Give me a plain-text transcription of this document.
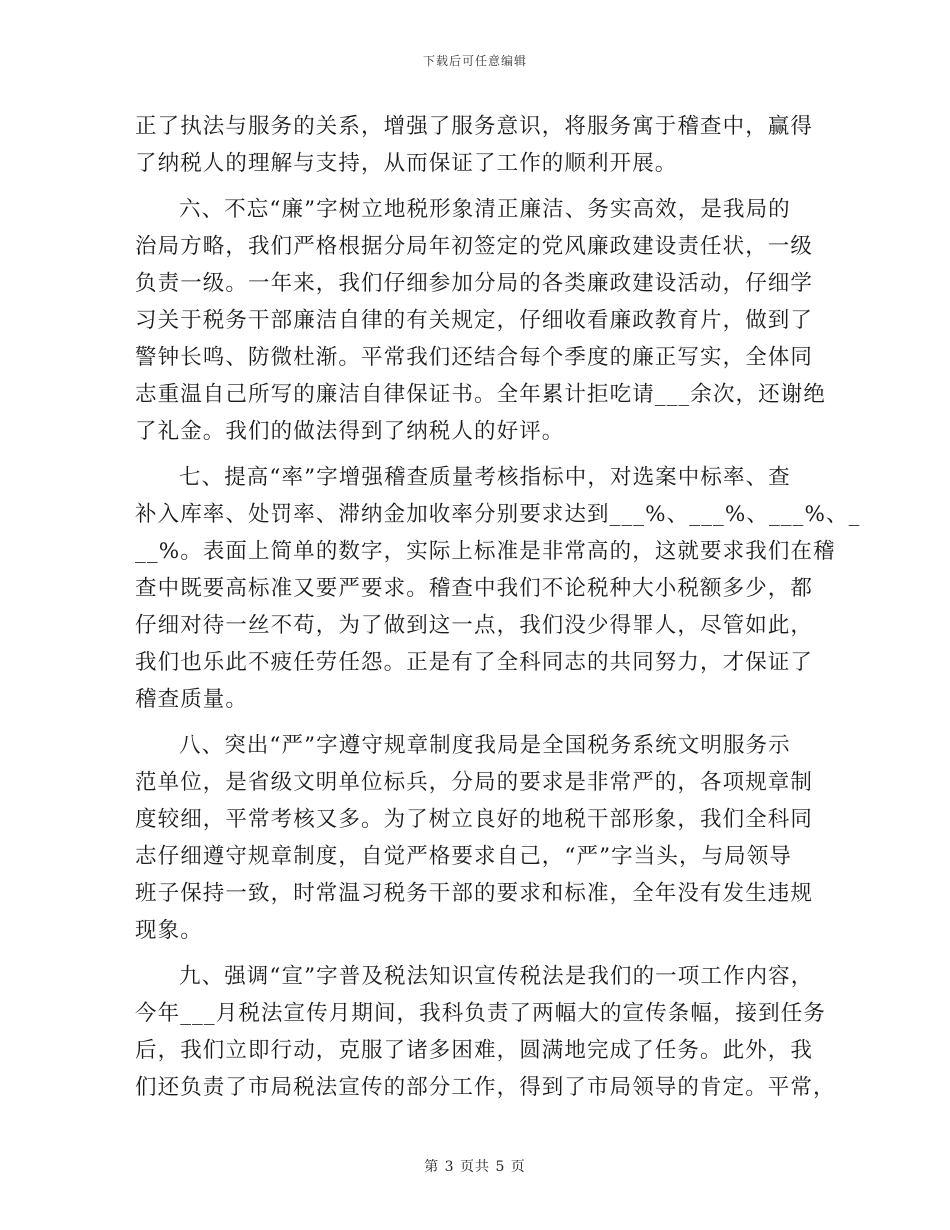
下载后可任意编辑
正了执法与服务的关系，增强了服务意识，将服务寓于稽查中，赢得
了纳税人的理解与支持，从而保证了工作的顺利开展。
六、不忘“廉”字树立地税形象清正廉洁、务实高效，是我局的
治局方略，我们严格根据分局年初签定的党风廉政建设责任状，一级
负责一级。一年来，我们仔细参加分局的各类廉政建设活动，仔细学
习关于税务干部廉洁自律的有关规定，仔细收看廉政教育片，做到了
警钟长鸣、防微杜渐。平常我们还结合每个季度的廉正写实，全体同
志重温自己所写的廉洁自律保证书。全年累计拒吃请___余次，还谢绝
了礼金。我们的做法得到了纳税人的好评。
七、提高“率”字增强稽查质量考核指标中，对选案中标率、查
补入库率、处罚率、滞纳金加收率分别要求达到___%、___%、___%、_
__%。表面上简单的数字，实际上标准是非常高的，这就要求我们在稽
查中既要高标准又要严要求。稽查中我们不论税种大小税额多少，都
仔细对待一丝不苟，为了做到这一点，我们没少得罪人，尽管如此，
我们也乐此不疲任劳任怨。正是有了全科同志的共同努力，才保证了
稽查质量。
八、突出“严”字遵守规章制度我局是全国税务系统文明服务示
范单位，是省级文明单位标兵，分局的要求是非常严的，各项规章制
度较细，平常考核又多。为了树立良好的地税干部形象，我们全科同
志仔细遵守规章制度，自觉严格要求自己，“严”字当头，与局领导
班子保持一致，时常温习税务干部的要求和标准，全年没有发生违规
现象。
九、强调“宣”字普及税法知识宣传税法是我们的一项工作内容，
今年___月税法宣传月期间，我科负责了两幅大的宣传条幅，接到任务
后，我们立即行动，克服了诸多困难，圆满地完成了任务。此外，我
们还负责了市局税法宣传的部分工作，得到了市局领导的肯定。平常，
第 3 页共 5 页
